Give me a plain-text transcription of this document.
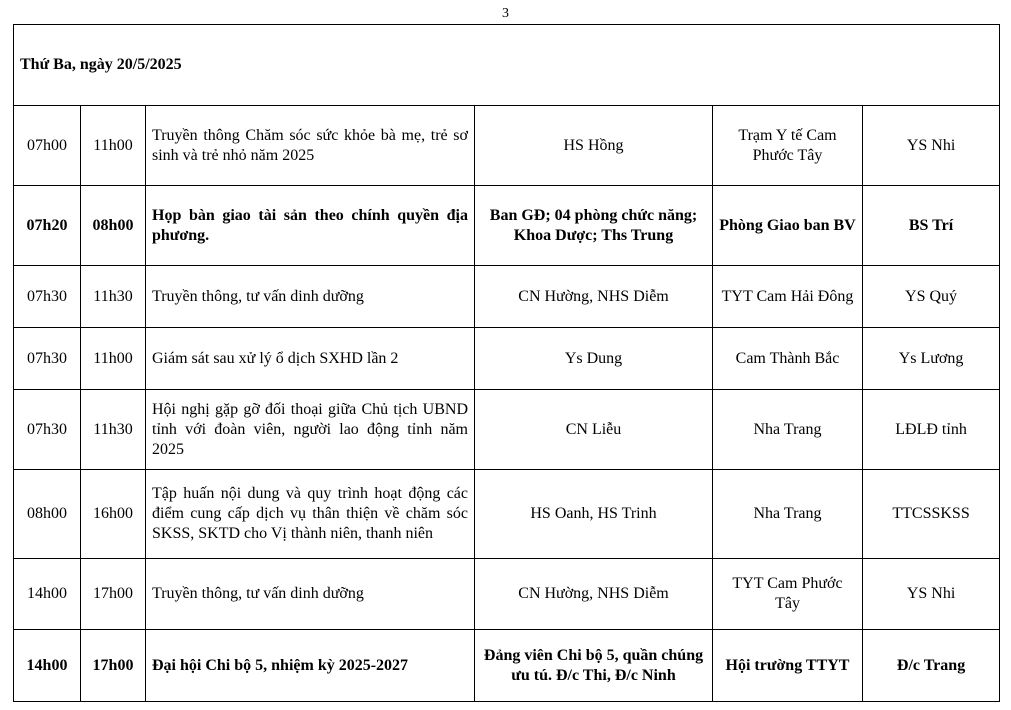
3
Thứ Ba, ngày 20/5/2025					
07h00	11h00	Truyền thông Chăm sóc sức khỏe bà mẹ, trẻ sơ sinh và trẻ nhỏ năm 2025	HS Hồng	Trạm Y tế Cam Phước Tây	YS Nhi
07h20	08h00	Họp bàn giao tài sản theo chính quyền địa phương.	Ban GĐ; 04 phòng chức năng; Khoa Dược; Ths Trung	Phòng Giao ban BV	BS Trí
07h30	11h30	Truyền thông, tư vấn dinh dưỡng	CN Hường, NHS Diễm	TYT Cam Hải Đông	YS Quý
07h30	11h00	Giám sát sau xử lý ổ dịch SXHD lần 2	Ys Dung	Cam Thành Bắc	Ys Lương
07h30	11h30	Hội nghị gặp gỡ đối thoại giữa Chủ tịch UBND tỉnh với đoàn viên, người lao động tỉnh năm 2025	CN Liễu	Nha Trang	LĐLĐ tỉnh
08h00	16h00	Tập huấn nội dung và quy trình hoạt động các điểm cung cấp dịch vụ thân thiện về chăm sóc SKSS, SKTD cho Vị thành niên, thanh niên	HS Oanh, HS Trinh	Nha Trang	TTCSSKSS
14h00	17h00	Truyền thông, tư vấn dinh dưỡng	CN Hường, NHS Diễm	TYT Cam Phước Tây	YS Nhi
14h00	17h00	Đại hội Chi bộ 5, nhiệm kỳ 2025-2027	Đảng viên Chi bộ 5, quần chúng ưu tú. Đ/c Thi, Đ/c Ninh	Hội trường TTYT	Đ/c Trang
